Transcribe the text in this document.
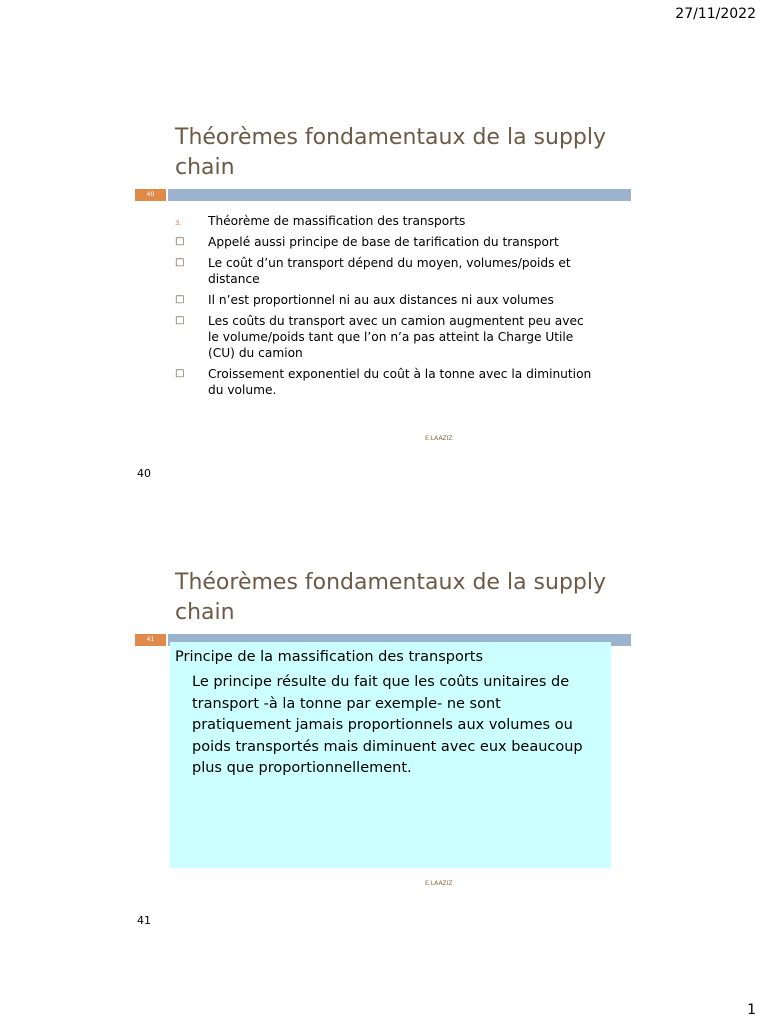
27/11/2022
Théorèmes fondamentaux de la supply chain
40
3. Théorème de massification des transports
□ Appelé aussi principe de base de tarification du transport
□ Le coût d’un transport dépend du moyen, volumes/poids et distance
□ Il n’est proportionnel ni au aux distances ni aux volumes
□ Les coûts du transport avec un camion augmentent peu avec le volume/poids tant que l’on n’a pas atteint la Charge Utile (CU) du camion
□ Croissement exponentiel du coût à la tonne avec la diminution du volume.
E.LAAZIZ
40
Théorèmes fondamentaux de la supply chain
41
Principe de la massification des transports
Le principe résulte du fait que les coûts unitaires de transport -à la tonne par exemple- ne sont pratiquement jamais proportionnels aux volumes ou poids transportés mais diminuent avec eux beaucoup plus que proportionnellement.
E.LAAZIZ
41
1
